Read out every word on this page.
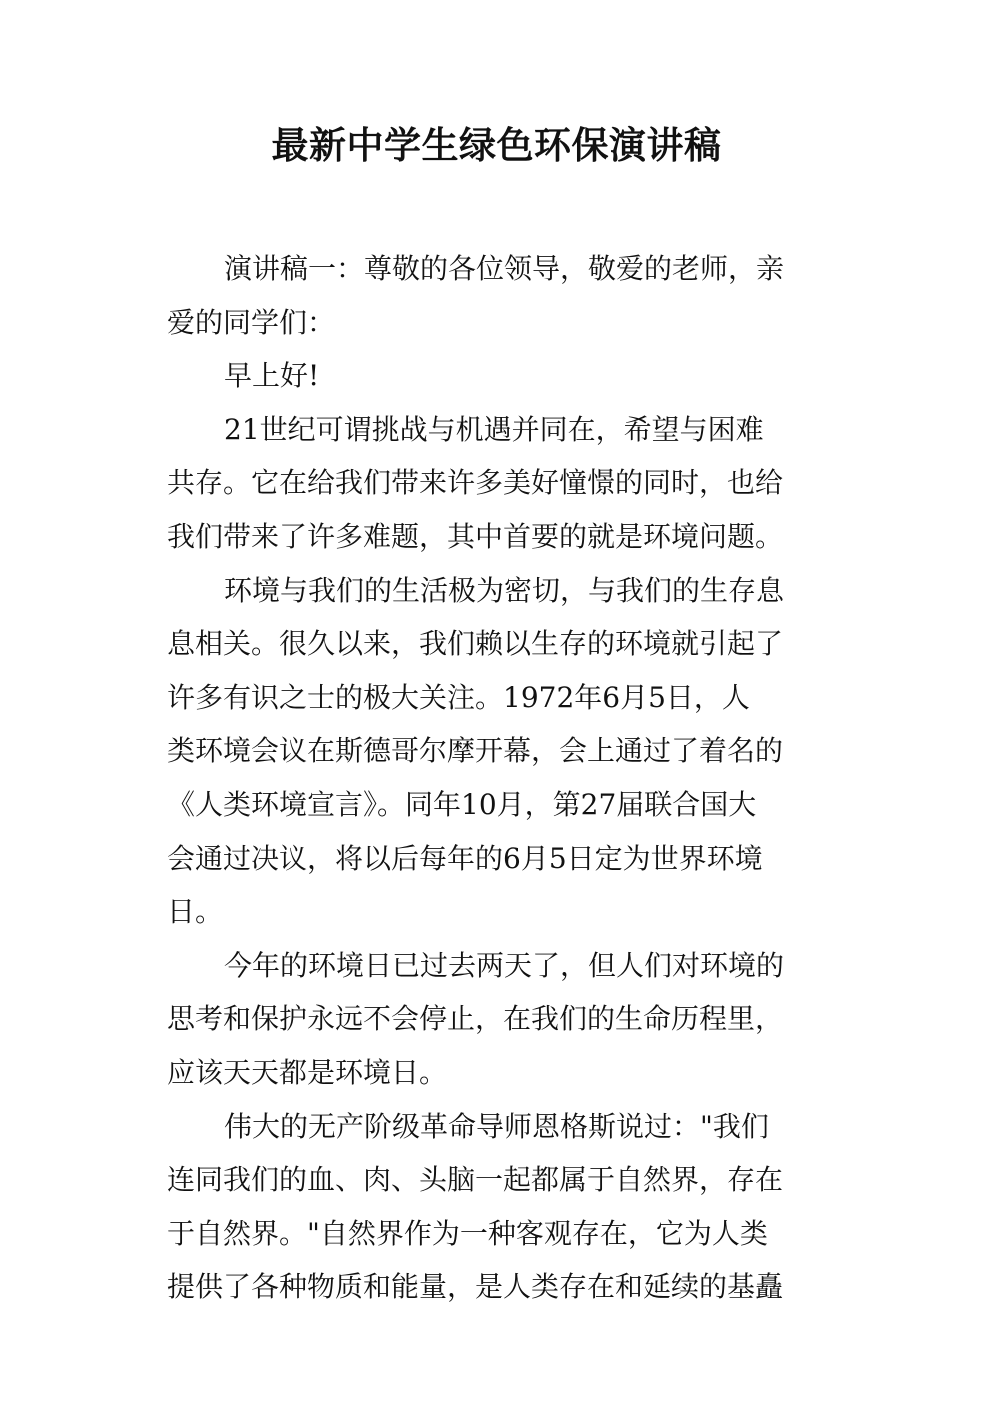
最新中学生绿色环保演讲稿
演讲稿一：尊敬的各位领导，敬爱的老师，亲
爱的同学们：
早上好!
21世纪可谓挑战与机遇并同在，希望与困难
共存。它在给我们带来许多美好憧憬的同时，也给
我们带来了许多难题，其中首要的就是环境问题。
环境与我们的生活极为密切，与我们的生存息
息相关。很久以来，我们赖以生存的环境就引起了
许多有识之士的极大关注。1972年6月5日，人
类环境会议在斯德哥尔摩开幕，会上通过了着名的
《人类环境宣言》。同年10月，第27届联合国大
会通过决议，将以后每年的6月5日定为世界环境
日。
今年的环境日已过去两天了，但人们对环境的
思考和保护永远不会停止，在我们的生命历程里，
应该天天都是环境日。
伟大的无产阶级革命导师恩格斯说过："我们
连同我们的血、肉、头脑一起都属于自然界，存在
于自然界。"自然界作为一种客观存在，它为人类
提供了各种物质和能量，是人类存在和延续的基矗
